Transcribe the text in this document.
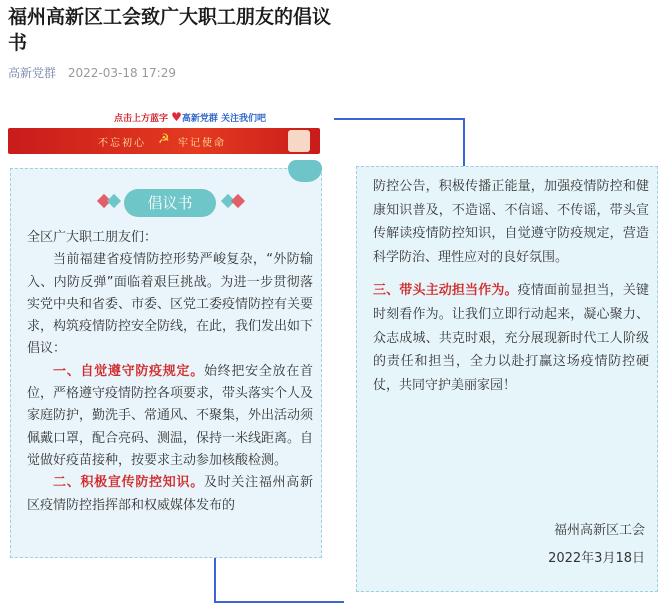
福州高新区工会致广大职工朋友的倡议书
高新党群 2022-03-18 17:29
点击上方蓝字 ♥高新党群 关注我们吧
不忘初心 ☭ 牢记使命
倡议书

全区广大职工朋友们：

当前福建省疫情防控形势严峻复杂，“外防输入、内防反弹”面临着艰巨挑战。为进一步贯彻落实党中央和省委、市委、区党工委疫情防控有关要求，构筑疫情防控安全防线，在此，我们发出如下倡议：

一、自觉遵守防疫规定。始终把安全放在首位，严格遵守疫情防控各项要求，带头落实个人及家庭防护，勤洗手、常通风、不聚集，外出活动须佩戴口罩，配合亮码、测温，保持一米线距离。自觉做好疫苗接种，按要求主动参加核酸检测。

二、积极宣传防控知识。及时关注福州高新区疫情防控指挥部和权威媒体发布的

防控公告，积极传播正能量，加强疫情防控和健康知识普及，不造谣、不信谣、不传谣，带头宣传解读疫情防控知识，自觉遵守防疫规定，营造科学防治、理性应对的良好氛围。

三、带头主动担当作为。疫情面前显担当，关键时刻看作为。让我们立即行动起来，凝心聚力、众志成城、共克时艰，充分展现新时代工人阶级的责任和担当，全力以赴打赢这场疫情防控硬仗，共同守护美丽家园！

福州高新区工会
2022年3月18日
